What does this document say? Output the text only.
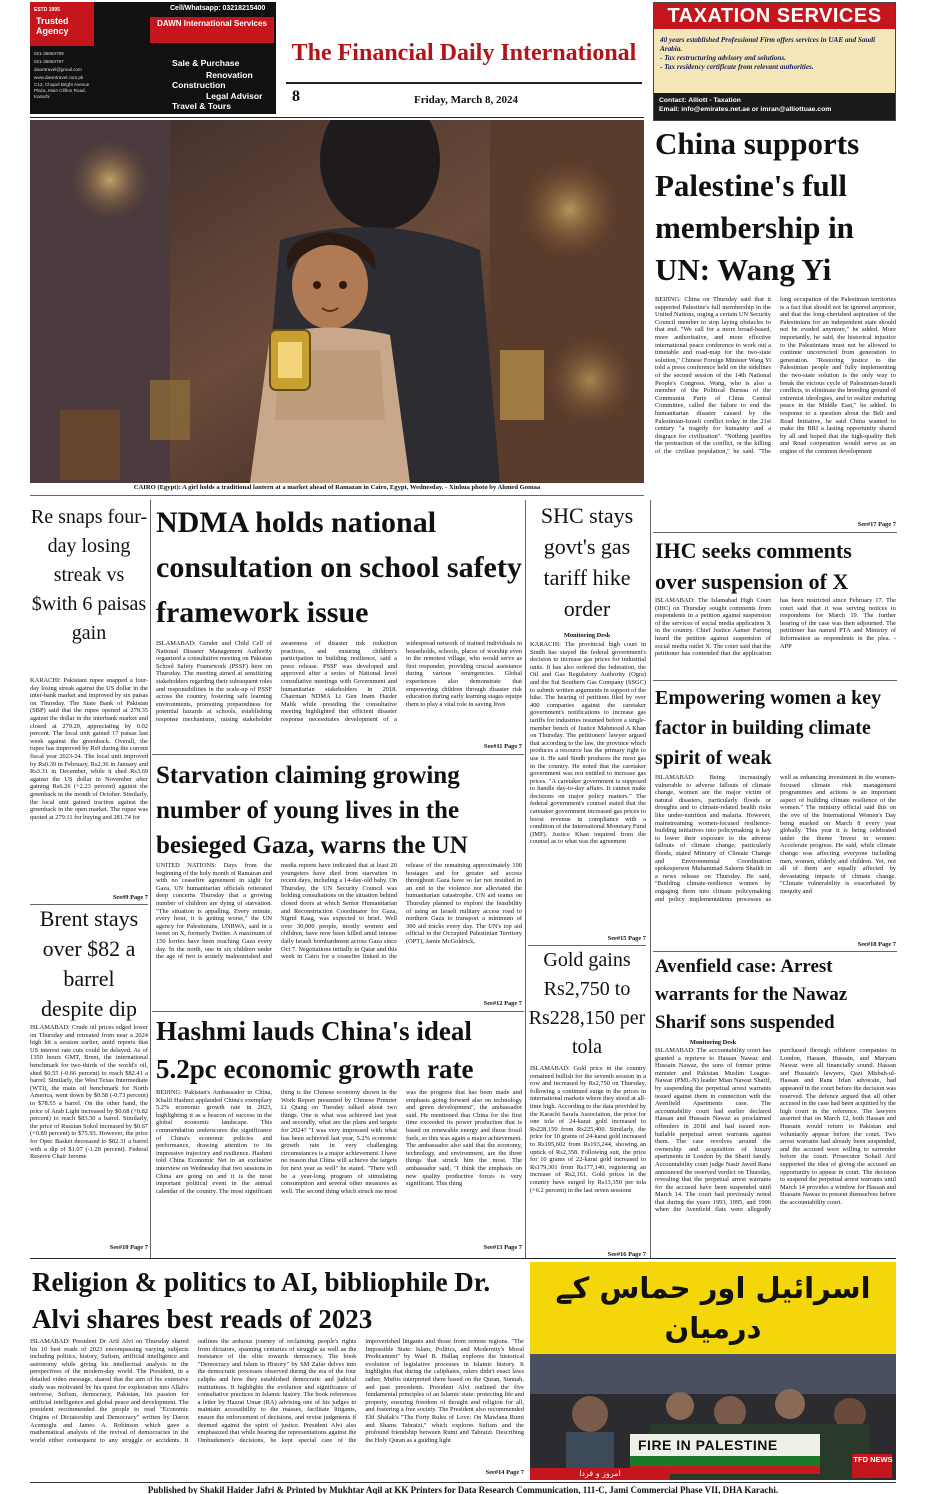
ESTD 1995
Trusted Agency
021-35863789
021-35863797
dawntravel@gmail.com
www.dawntravel.com.pk
C12, Chapel Bright Avenue Plaza, Main Clifton Road, Karachi
Cell/Whatsapp: 03218215400
DAWN International Services
Sale & Purchase
Renovation
Construction
Legal Advisor
Travel & Tours
The Financial Daily International
8	Friday, March 8, 2024
TAXATION SERVICES
40 years established Professional Firm offers services in UAE and Saudi Arabia.
- Tax restructuring advisory and solutions.
- Tax residency certificate from relevant authorities.
Contact: Alliott - Taxation
Email: info@emirates.net.ae or imran@alliottuae.com
CAIRO (Egypt): A girl holds a traditional lantern at a market ahead of Ramazan in Cairo, Egypt, Wednesday. - Xinhua photo by Ahmed Gomaa
China supports Palestine's full membership in UN: Wang Yi
BEIJING: China on Thursday said that it supported Palestine's full membership in the United Nations, urging a certain UN Security Council member to stop laying obstacles to that end. "We call for a more broad-based, more authoritative, and more effective international peace conference to work out a timetable and road-map for the two-state solution," Chinese Foreign Minister Wang Yi told a press conference held on the sidelines of the second session of the 14th National People's Congress. Wang, who is also a member of the Political Bureau of the Communist Party of China Central Committee, called the failure to end the humanitarian disaster caused by the Palestinian-Israeli conflict today in the 21st century "a tragedy for humanity and a disgrace for civilization". "Nothing justifies the protraction of the conflict, or the killing of the civilian population," he said. "The long occupation of the Palestinian territories is a fact that should not be ignored anymore, and that the long-cherished aspiration of the Palestinians for an independent state should not be evaded anymore," he added. More importantly, he said, the historical injustice to the Palestinians must not be allowed to continue uncorrected from generation to generation. "Restoring justice to the Palestinian people and fully implementing the two-state solution is the only way to break the vicious cycle of Palestinian-Israeli conflicts, to eliminate the breeding ground of extremist ideologies, and to realize enduring peace in the Middle East," he added. In response to a question about the Belt and Road Initiative, he said China wanted to make the BRI a lasting opportunity shared by all and hoped that the high-quality Belt and Road cooperation would serve as an engine of the common development
See#17 Page 7
Re snaps four-day losing streak vs $with 6 paisas gain
KARACHI: Pakistani rupee snapped a four-day losing streak against the US dollar in the inter-bank market and improved by six paisas on Thursday. The State Bank of Pakistan (SBP) said that the rupee opened at 279.35 against the dollar in the interbank market and closed at 279.29, appreciating by 0.02 percent. The local unit gained 17 paisas last week against the greenback. Overall, the rupee has improved by Rs9 during the current fiscal year 2023-24. The local unit improved by Rs0.39 in February, Rs2.36 in January and Rs3.31 in December, while it shed Rs3.69 against the US dollar in November after gaining Rs6.26 (+2.23 percent) against the greenback in the month of October. Similarly, the local unit gained traction against the greenback in the open market. The rupee was quoted at 279.11 for buying and 281.74 for
See#9 Page 7
Brent stays over $82 a barrel despite dip
ISLAMABAD: Crude oil prices edged lower on Thursday and retreated from near a 2024 high hit a session earlier, amid reports that US interest rate cuts could be delayed. As of 1350 hours GMT, Brent, the international benchmark for two-thirds of the world's oil, shed $0.55 (-0.66 percent) to reach $82.41 a barrel. Similarly, the West Texas Intermediate (WTI), the main oil benchmark for North America, went down by $0.58 (-0.73 percent) to $78.55 a barrel. On the other hand, the price of Arab Light increased by $0.68 (+0.82 percent) to reach $83.50 a barrel. Similarly, the price of Russian Sokol increased by $0.67 (+0.89 percent) to $75.93. However, the price for Opec Basket decreased to $82.31 a barrel with a dip of $1.07 (-1.28 percent). Federal Reserve Chair Jerome
See#10 Page 7
NDMA holds national consultation on school safety framework issue
ISLAMABAD: Gender and Child Cell of National Disaster Management Authority organized a consultative meeting on Pakistan School Safety Framework (PSSF) here on Thursday. The meeting aimed at sensitizing stakeholders regarding their subsequent roles and responsibilities in the scale-up of PSSF across the country, fostering safe learning environments, promoting preparedness for potential hazards at schools, establishing response mechanisms, raising stakeholder awareness of disaster risk reduction practices, and ensuring children's participation in building resilience, said a press release. PSSF was developed and approved after a series of National level consultative meetings with Government and humanitarian stakeholders in 2018. Chairman NDMA Lt Gen Inam Haider Malik while presiding the consultative meeting highlighted that efficient disaster response necessitates development of a widespread network of trained individuals in households, schools, places of worship even in the remotest village, who would serve as first responder, providing crucial assistance during various emergencies. Global experiences also demonstrate that empowering children through disaster risk education during early learning stages equips them to play a vital role in saving lives
See#11 Page 7
Starvation claiming growing number of young lives in the besieged Gaza, warns the UN
UNITED NATIONS: Days from the beginning of the holy month of Ramazan and with no ceasefire agreement in sight for Gaza, UN humanitarian officials reiterated deep concerns Thursday that a growing number of children are dying of starvation. "The situation is appalling. Every minute, every hour, it is getting worse," the UN agency for Palestinians, UNRWA, said in a tweet on X, formerly Twitter. A maximum of 150 lorries have been reaching Gaza every day. In the north, one in six children under the age of two is acutely malnourished and media reports have indicated that at least 20 youngsters have died from starvation in recent days, including a 14-day-old baby. On Thursday, the UN Security Council was holding consultations on the situation behind closed doors at which Senior Humanitarian and Reconstruction Coordinator for Gaza, Sigrid Kaag, was expected to brief. Well over 30,000 people, mostly women and children, have now been killed amid intense daily Israeli bombardment across Gaza since Oct 7. Negotiations initially in Qatar and this week in Cairo for a ceasefire linked to the release of the remaining approximately 100 hostages and for greater aid access throughout Gaza have so far not resulted in an end to the violence nor alleviated the humanitarian catastrophe. UN aid teams on Thursday planned to explore the feasibility of using an Israeli military access road to northern Gaza to transport a minimum of 300 aid trucks every day. The UN's top aid official in the Occupied Palestinian Territory (OPT), Jamie McGoldrick,
See#12 Page 7
Hashmi lauds China's ideal 5.2pc economic growth rate
BEIJING: Pakistan's Ambassador to China, Khalil Hashmi applauded China's exemplary 5.2% economic growth rate in 2023, highlighting it as a beacon of success in the global economic landscape. This commendation underscores the significance of China's economic policies and performance, drawing attention to its impressive trajectory and resilience. Hashmi told China Economic Net in an exclusive interview on Wednesday that two sessions in China are going on and it is the most important political event in the annual calendar of the country. The most significant thing is the Chinese economy shown in the Work Report presented by Chinese Premier Li Qiang on Tuesday talked about two things. One is what was achieved last year and secondly, what are the plans and targets for 2024? "I was very impressed with what has been achieved last year, 5.2% economic growth rate in very challenging circumstances is a major achievement. I have no reason that China will achieve the targets for next year as well" he stated. "There will be a year-long program of stimulating consumption and several other measures as well. The second thing which struck me most was the progress that has been made and emphasis going forward also on technology and green development", the ambassador said. He mentioned that China for the first time exceeded its power production that is based on renewable energy and those fossil fuels, so this was again a major achievement. The ambassador also said that the economy, technology, and environment, are the three things that struck him the most. The ambassador said, "I think the emphasis on new quality productive forces is very significant. This thing
See#13 Page 7
SHC stays govt's gas tariff hike order
Monitoring Desk
KARACHI: The provincial high court in Sindh has stayed the federal government's decision to increase gas prices for industrial units. It has also ordered the federation, the Oil and Gas Regulatory Authority (Ogra) and the Sui Southern Gas Company (SSGC) to submit written arguments in support of the hike. The hearing of petitions filed by over 400 companies against the caretaker government's notifications to increase gas tariffs for industries resumed before a single-member bench of Justice Mahmood A Khan on Thursday. The petitioners' lawyer argued that according to the law, the province which produces a resource has the primary right to use it. He said Sindh produces the most gas in the country. He noted that the caretaker government was not entitled to increase gas prices. "A caretaker government is supposed to handle day-to-day affairs. It cannot make decisions on major policy matters." The federal government's counsel stated that the caretaker government increased gas prices to boost revenue in compliance with a condition of the International Monetary Fund (IMF). Justice Khan inquired from the counsel as to what was the agreement
See#15 Page 7
Gold gains Rs2,750 to Rs228,150 per tola
ISLAMABAD: Gold price in the country remained bullish for the seventh session in a row and increased by Rs2,750 on Thursday, following a continued surge in the prices in international markets where they stood at all-time high. According to the data provided by the Karachi Sarafa Association, the price for one tola of 24-karat gold increased to Rs228,150 from Rs225,400. Similarly, the price for 10 grams of 24-karat gold increased to Rs195,602 from Rs193,244, showing an uptick of Rs2,358. Following suit, the price for 10 grams of 22-karat gold increased to Rs179,301 from Rs177,140, registering an increase of Rs2,161. Gold prices in the country have surged by Rs13,350 per tola (+6.2 percent) in the last seven sessions
See#16 Page 7
IHC seeks comments over suspension of X
ISLAMABAD: The Islamabad High Court (IHC) on Thursday sought comments from respondents in a petition against suspension of the services of social media application X in the country. Chief Justice Aamer Farooq heard the petition against suspension of social media outlet X. The court said that the petitioner has contended that the application has been restricted since February 17. The court said that it was serving notices to respondents for March 19. The further hearing of the case was then adjourned. The petitioner has named PTA and Ministry of Information as respondents in the plea. - APP
Empowering women a key factor in building climate spirit of weak
ISLAMABAD: Being increasingly vulnerable to adverse fallouts of climate change, women are the major victim of natural disasters, particularly floods or droughts and to climate-related health risks like under-nutrition and malaria. However, mainstreaming women-focused resilience-building initiatives into policymaking is key to lower their exposure to the adverse fallouts of climate change, particularly floods, stated Ministry of Climate Change and Environmental Coordination spokesperson Muhammad Saleem Shaikh in a news release on Thursday. He said, "Building climate-resilience women by engaging them into climate policymaking and policy implementations processes as well as enhancing investment in the women-focused climate risk management programmes and actions is an important aspect of building climate resilience of the women." The ministry official said this on the eve of the International Women's Day being marked on March 8 every year globally. This year it is being celebrated under the theme 'Invest in women: Accelerate progress. He said, while climate change was affecting everyone including men, women, elderly and children. Yet, not all of them are equally affected by devastating impacts of climate change. "Climate vulnerability is exacerbated by inequity and
See#18 Page 7
Avenfield case: Arrest warrants for the Nawaz Sharif sons suspended
Monitoring Desk
ISLAMABAD: The accountability court has granted a reprieve to Hassan Nawaz and Hussain Nawaz, the sons of former prime minister and Pakistan Muslim League-Nawaz (PML-N) leader Mian Nawaz Sharif, by suspending the perpetual arrest warrants issued against them in connection with the Avenfield Apartments case. The accountability court had earlier declared Hassan and Hussain Nawaz as proclaimed offenders in 2018 and had issued non-bailable perpetual arrest warrants against them. The case revolves around the ownership and acquisition of luxury apartments in London by the Sharif family. Accountability court judge Nasir Javed Rana announced the reserved verdict on Thursday, revealing that the perpetual arrest warrants for the accused have been suspended until March 14. The court had previously noted that during the years 1993, 1995, and 1996 when the Avenfield flats were allegedly purchased through offshore companies in London, Hassan, Hussain, and Maryam Nawaz were all financially sound. Hassan and Hussain's lawyers, Qazi Misbah-ul-Hassan and Rana Irfan advocate, had appeared in the court before the decision was reserved. The defence argued that all other accused in the case had been acquitted by the high court in the reference. The lawyers asserted that on March 12, both Hassan and Hussain would return to Pakistan and voluntarily appear before the court. Two arrest warrants had already been suspended, and the accused were willing to surrender before the court. Prosecutor Sohail Arif supported the idea of giving the accused an opportunity to appear in court. The decision to suspend the perpetual arrest warrants until March 14 provides a window for Hassan and Hussain Nawaz to present themselves before the accountability court.
Religion & politics to AI, bibliophile Dr. Alvi shares best reads of 2023
ISLAMABAD: President Dr Arif Alvi on Thursday shared his 10 best reads of 2023 encompassing varying subjects including politics, history, Sufism, artificial intelligence and astronomy while giving his intellectual analysis in the perspectives of the modern-day world. The President, in a detailed video message, shared that the aim of his extensive study was motivated by his quest for exploration into Allah's universe, Sufism, democracy, Pakistan, his passion for artificial intelligence and global peace and development. The president recommended the people to read "Economic Origins of Dictatorship and Democracy" written by Daron Acemoglu and James A. Robinson which gave a mathematical analysis of the revival of democracies in the world either consequent to any struggle or accidents. It outlines the arduous journey of reclaiming people's rights from dictators, spanning centuries of struggle as well as the resistance of the elite towards democracy. The book "Democracy and Islam in History" by SM Zafar delves into the democratic processes observed during the era of the four caliphs and how they established democratic and judicial institutions. It highlights the evolution and significance of consultative practices in Islamic history. The book references a letter by Hazrat Umar (RA) advising one of his judges to maintain accessibility to the masses, facilitate litigants, ensure the enforcement of decisions, and revise judgments if deemed against the spirit of justice. President Alvi also emphasized that while hearing the representations against the Ombudsmen's decisions, he kept special care of the impoverished litigants and those from remote regions. "The Impossible State: Islam, Politics, and Modernity's Moral Predicament" by Wael B. Hallaq explores the historical evolution of legislative processes in Islamic history. It highlights that during the caliphates, rulers didn't enact laws rather, Muftis interpreted them based on the Quran, Sunnah, and past precedents. President Alvi outlined the five fundamental principles of an Islamic state: protecting life and property, ensuring freedom of thought and religion for all, and fostering a free society. The President also recommended Elif Shafak's "The Forty Rules of Love: On Mawlana Rumi and Shams Tabraizi," which explores Sufism and the profound friendship between Rumi and Tabraizi. Describing the Holy Quran as a guiding light
See#14 Page 7
اسرائیل اور حماس کے درمیان
FIRE IN PALESTINE
امروز و فردا
TFD NEWS
Published by Shakil Haider Jafri & Printed by Mukhtar Aqil at KK Printers for Data Research Communication, 111-C, Jami Commercial Phase VII, DHA Karachi.
